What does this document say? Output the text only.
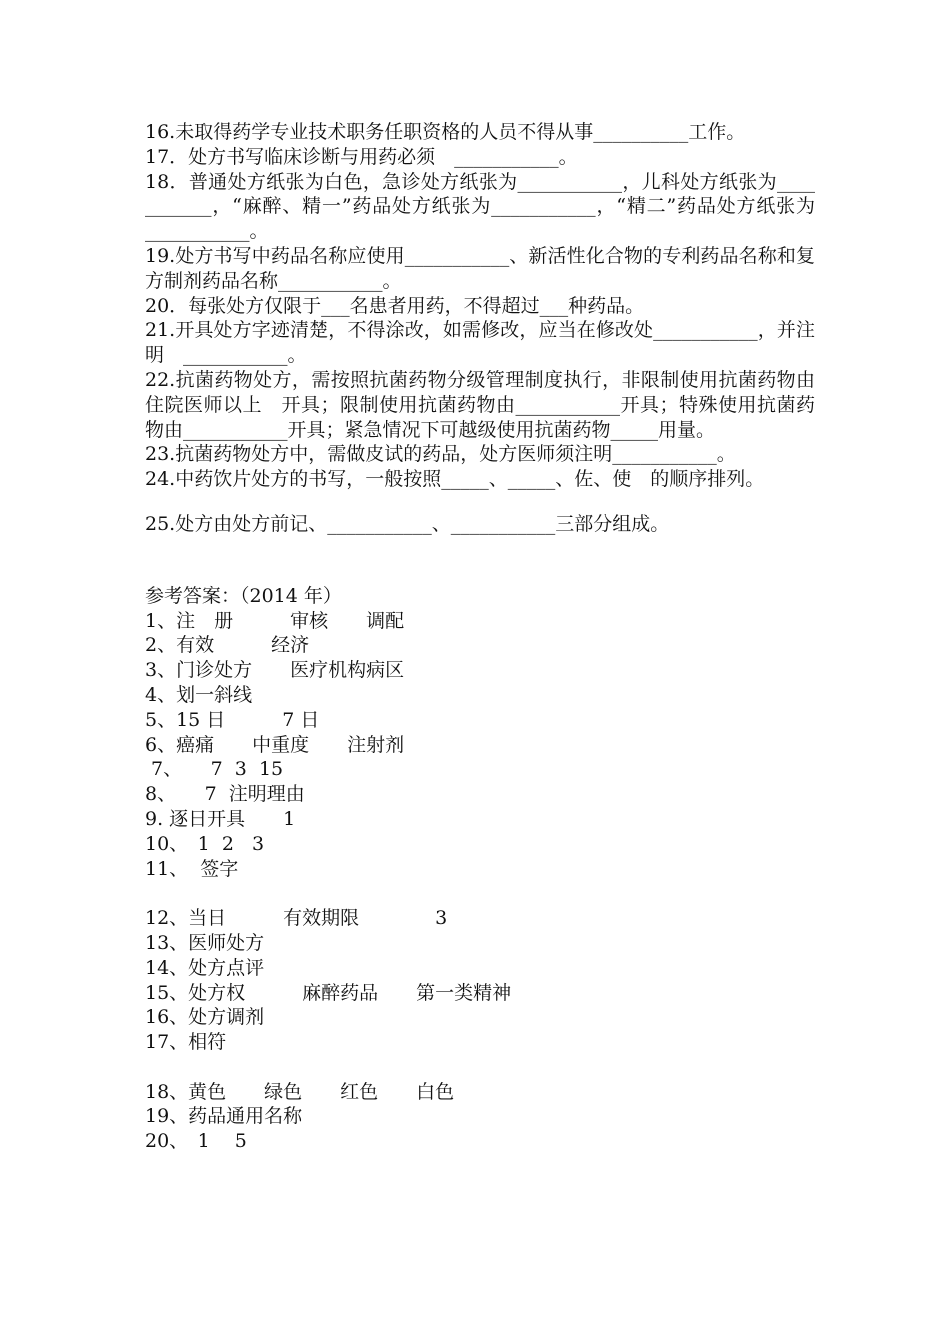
16.未取得药学专业技术职务任职资格的人员不得从事__________工作。

17．处方书写临床诊断与用药必须　___________。

18．普通处方纸张为白色，急诊处方纸张为___________，儿科处方纸张为___________，“麻醉、精一”药品处方纸张为___________，“精二”药品处方纸张为　___________。

19.处方书写中药品名称应使用___________、新活性化合物的专利药品名称和复方制剂药品名称___________。

20．每张处方仅限于___名患者用药，不得超过___种药品。

21.开具处方字迹清楚，不得涂改，如需修改，应当在修改处___________，并注明　___________。

22.抗菌药物处方，需按照抗菌药物分级管理制度执行，非限制使用抗菌药物由　住院医师以上　开具；限制使用抗菌药物由___________开具；特殊使用抗菌药物由___________开具；紧急情况下可越级使用抗菌药物_____用量。

23.抗菌药物处方中，需做皮试的药品，处方医师须注明___________。

24.中药饮片处方的书写，一般按照_____、_____、佐、使　的顺序排列。

25.处方由处方前记、___________、___________三部分组成。

参考答案：（2014 年）

1、注　册　　　审核　　调配

2、有效　　　经济

3、门诊处方　　医疗机构病区

4、划一斜线

5、15 日　　　7 日

6、癌痛　　中重度　　注射剂

7、　　7  3  15

8、　　7  注明理由

9. 逐日开具　　1

10、　1  2   3

11、  签字

12、当日　　　有效期限　　　　3

13、医师处方

14、处方点评

15、处方权　　　麻醉药品　　第一类精神

16、处方调剂

17、相符

18、黄色　　绿色　　红色　　白色

19、药品通用名称

20、　1　 5
